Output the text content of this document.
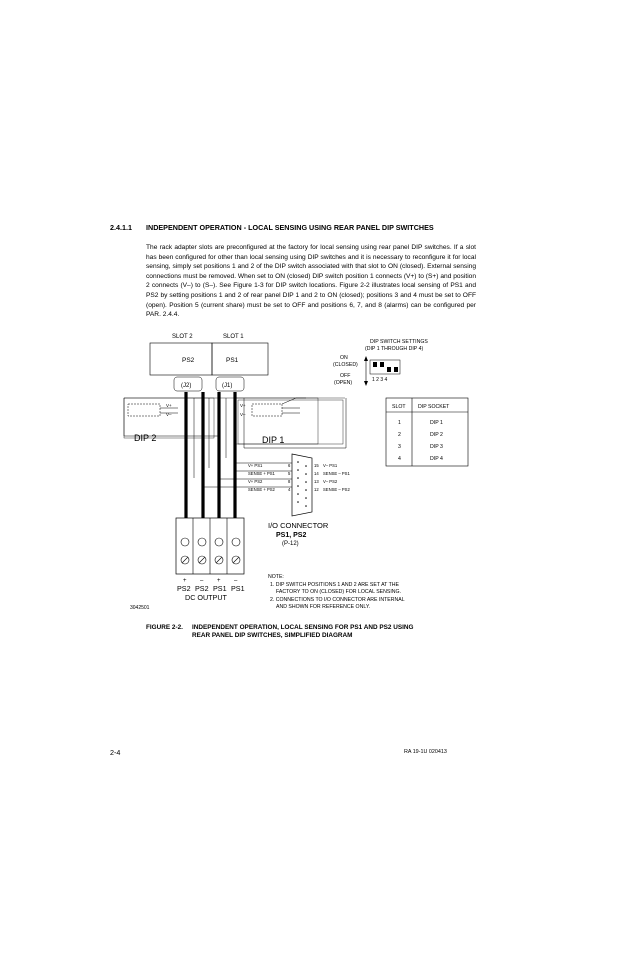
2.4.1.1 INDEPENDENT OPERATION - LOCAL SENSING USING REAR PANEL DIP SWITCHES

The rack adapter slots are preconfigured at the factory for local sensing using rear panel DIP switches. If a slot has been configured for other than local sensing using DIP switches and it is necessary to reconfigure it for local sensing, simply set positions 1 and 2 of the DIP switch associated with that slot to ON (closed). External sensing connections must be removed. When set to ON (closed) DIP switch position 1 connects (V+) to (S+) and position 2 connects (V–) to (S–). See Figure 1-3 for DIP switch locations. Figure 2-2 illustrates local sensing of PS1 and PS2 by setting positions 1 and 2 of rear panel DIP 1 and 2 to ON (closed); positions 3 and 4 must be set to OFF (open). Position 5 (current share) must be set to OFF and positions 6, 7, and 8 (alarms) can be configured per PAR. 2.4.4.

SLOT 2	SLOT 1
PS2	PS1
(J2)	(J1)
V+
V–
V+
V–
DIP 2	DIP 1
V+ PS1
SENSE + PS1
V+ PS2
SENSE + PS2
6
5
8
4
15
14
13
12
V– PS1
SENSE – PS1
V– PS2
SENSE – PS2
I/O CONNECTOR
PS1, PS2
(P-12)
+ – + –
PS2 PS2 PS1 PS1
DC OUTPUT
3042501
NOTE:
1. DIP SWITCH POSITIONS 1 AND 2 ARE SET AT THE
FACTORY TO ON (CLOSED) FOR LOCAL SENSING.
2. CONNECTIONS TO I/O CONNECTOR ARE INTERNAL
AND SHOWN FOR REFERENCE ONLY.
DIP SWITCH SETTINGS
(DIP 1 THROUGH DIP 4)
ON
(CLOSED)
OFF
(OPEN)	1 2 3 4
SLOT DIP SOCKET
1	DIP 1
2	DIP 2
3	DIP 3
4	DIP 4
FIGURE 2-2. INDEPENDENT OPERATION, LOCAL SENSING FOR PS1 AND PS2 USING
REAR PANEL DIP SWITCHES, SIMPLIFIED DIAGRAM
2-4	RA 19-1U 020413
